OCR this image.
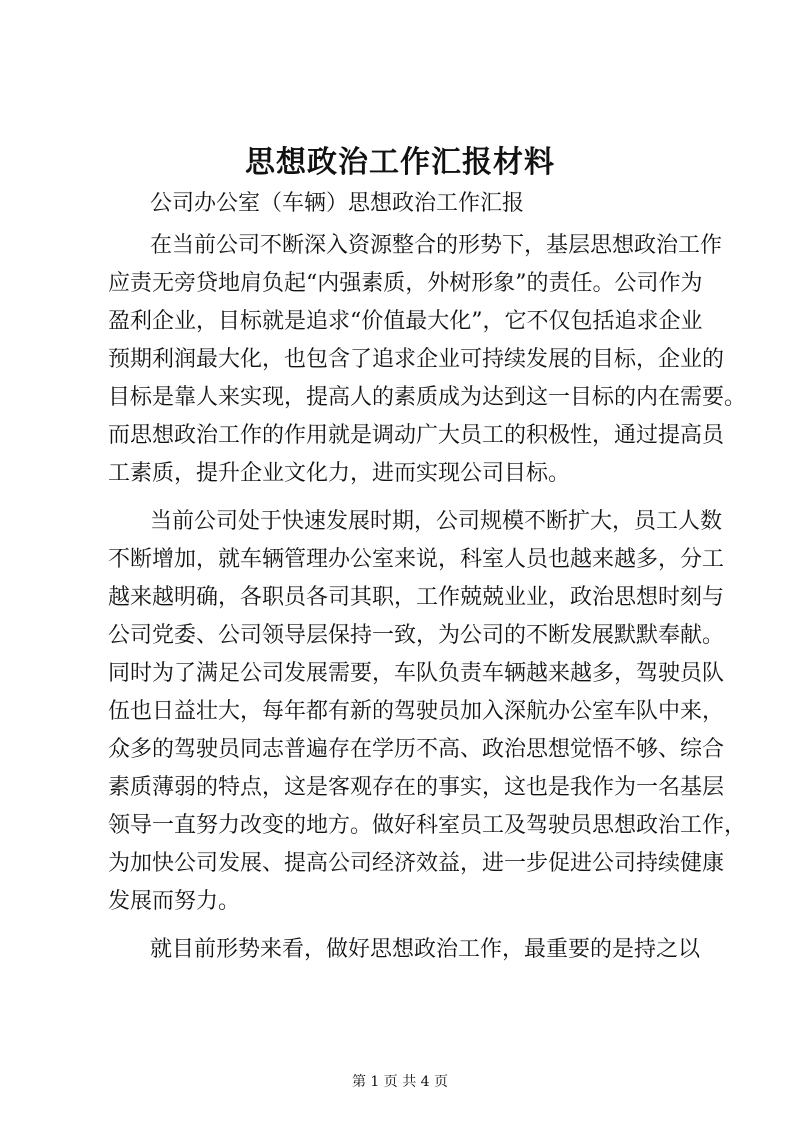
思想政治工作汇报材料

公司办公室（车辆）思想政治工作汇报

在当前公司不断深入资源整合的形势下，基层思想政治工作

应责无旁贷地肩负起“内强素质，外树形象”的责任。公司作为

盈利企业，目标就是追求“价值最大化”，它不仅包括追求企业

预期利润最大化，也包含了追求企业可持续发展的目标，企业的

目标是靠人来实现，提高人的素质成为达到这一目标的内在需要。

而思想政治工作的作用就是调动广大员工的积极性，通过提高员

工素质，提升企业文化力，进而实现公司目标。

当前公司处于快速发展时期，公司规模不断扩大，员工人数

不断增加，就车辆管理办公室来说，科室人员也越来越多，分工

越来越明确，各职员各司其职，工作兢兢业业，政治思想时刻与

公司党委、公司领导层保持一致，为公司的不断发展默默奉献。

同时为了满足公司发展需要，车队负责车辆越来越多，驾驶员队

伍也日益壮大，每年都有新的驾驶员加入深航办公室车队中来，

众多的驾驶员同志普遍存在学历不高、政治思想觉悟不够、综合

素质薄弱的特点，这是客观存在的事实，这也是我作为一名基层

领导一直努力改变的地方。做好科室员工及驾驶员思想政治工作，

为加快公司发展、提高公司经济效益，进一步促进公司持续健康

发展而努力。

就目前形势来看，做好思想政治工作，最重要的是持之以

第 1 页 共 4 页
